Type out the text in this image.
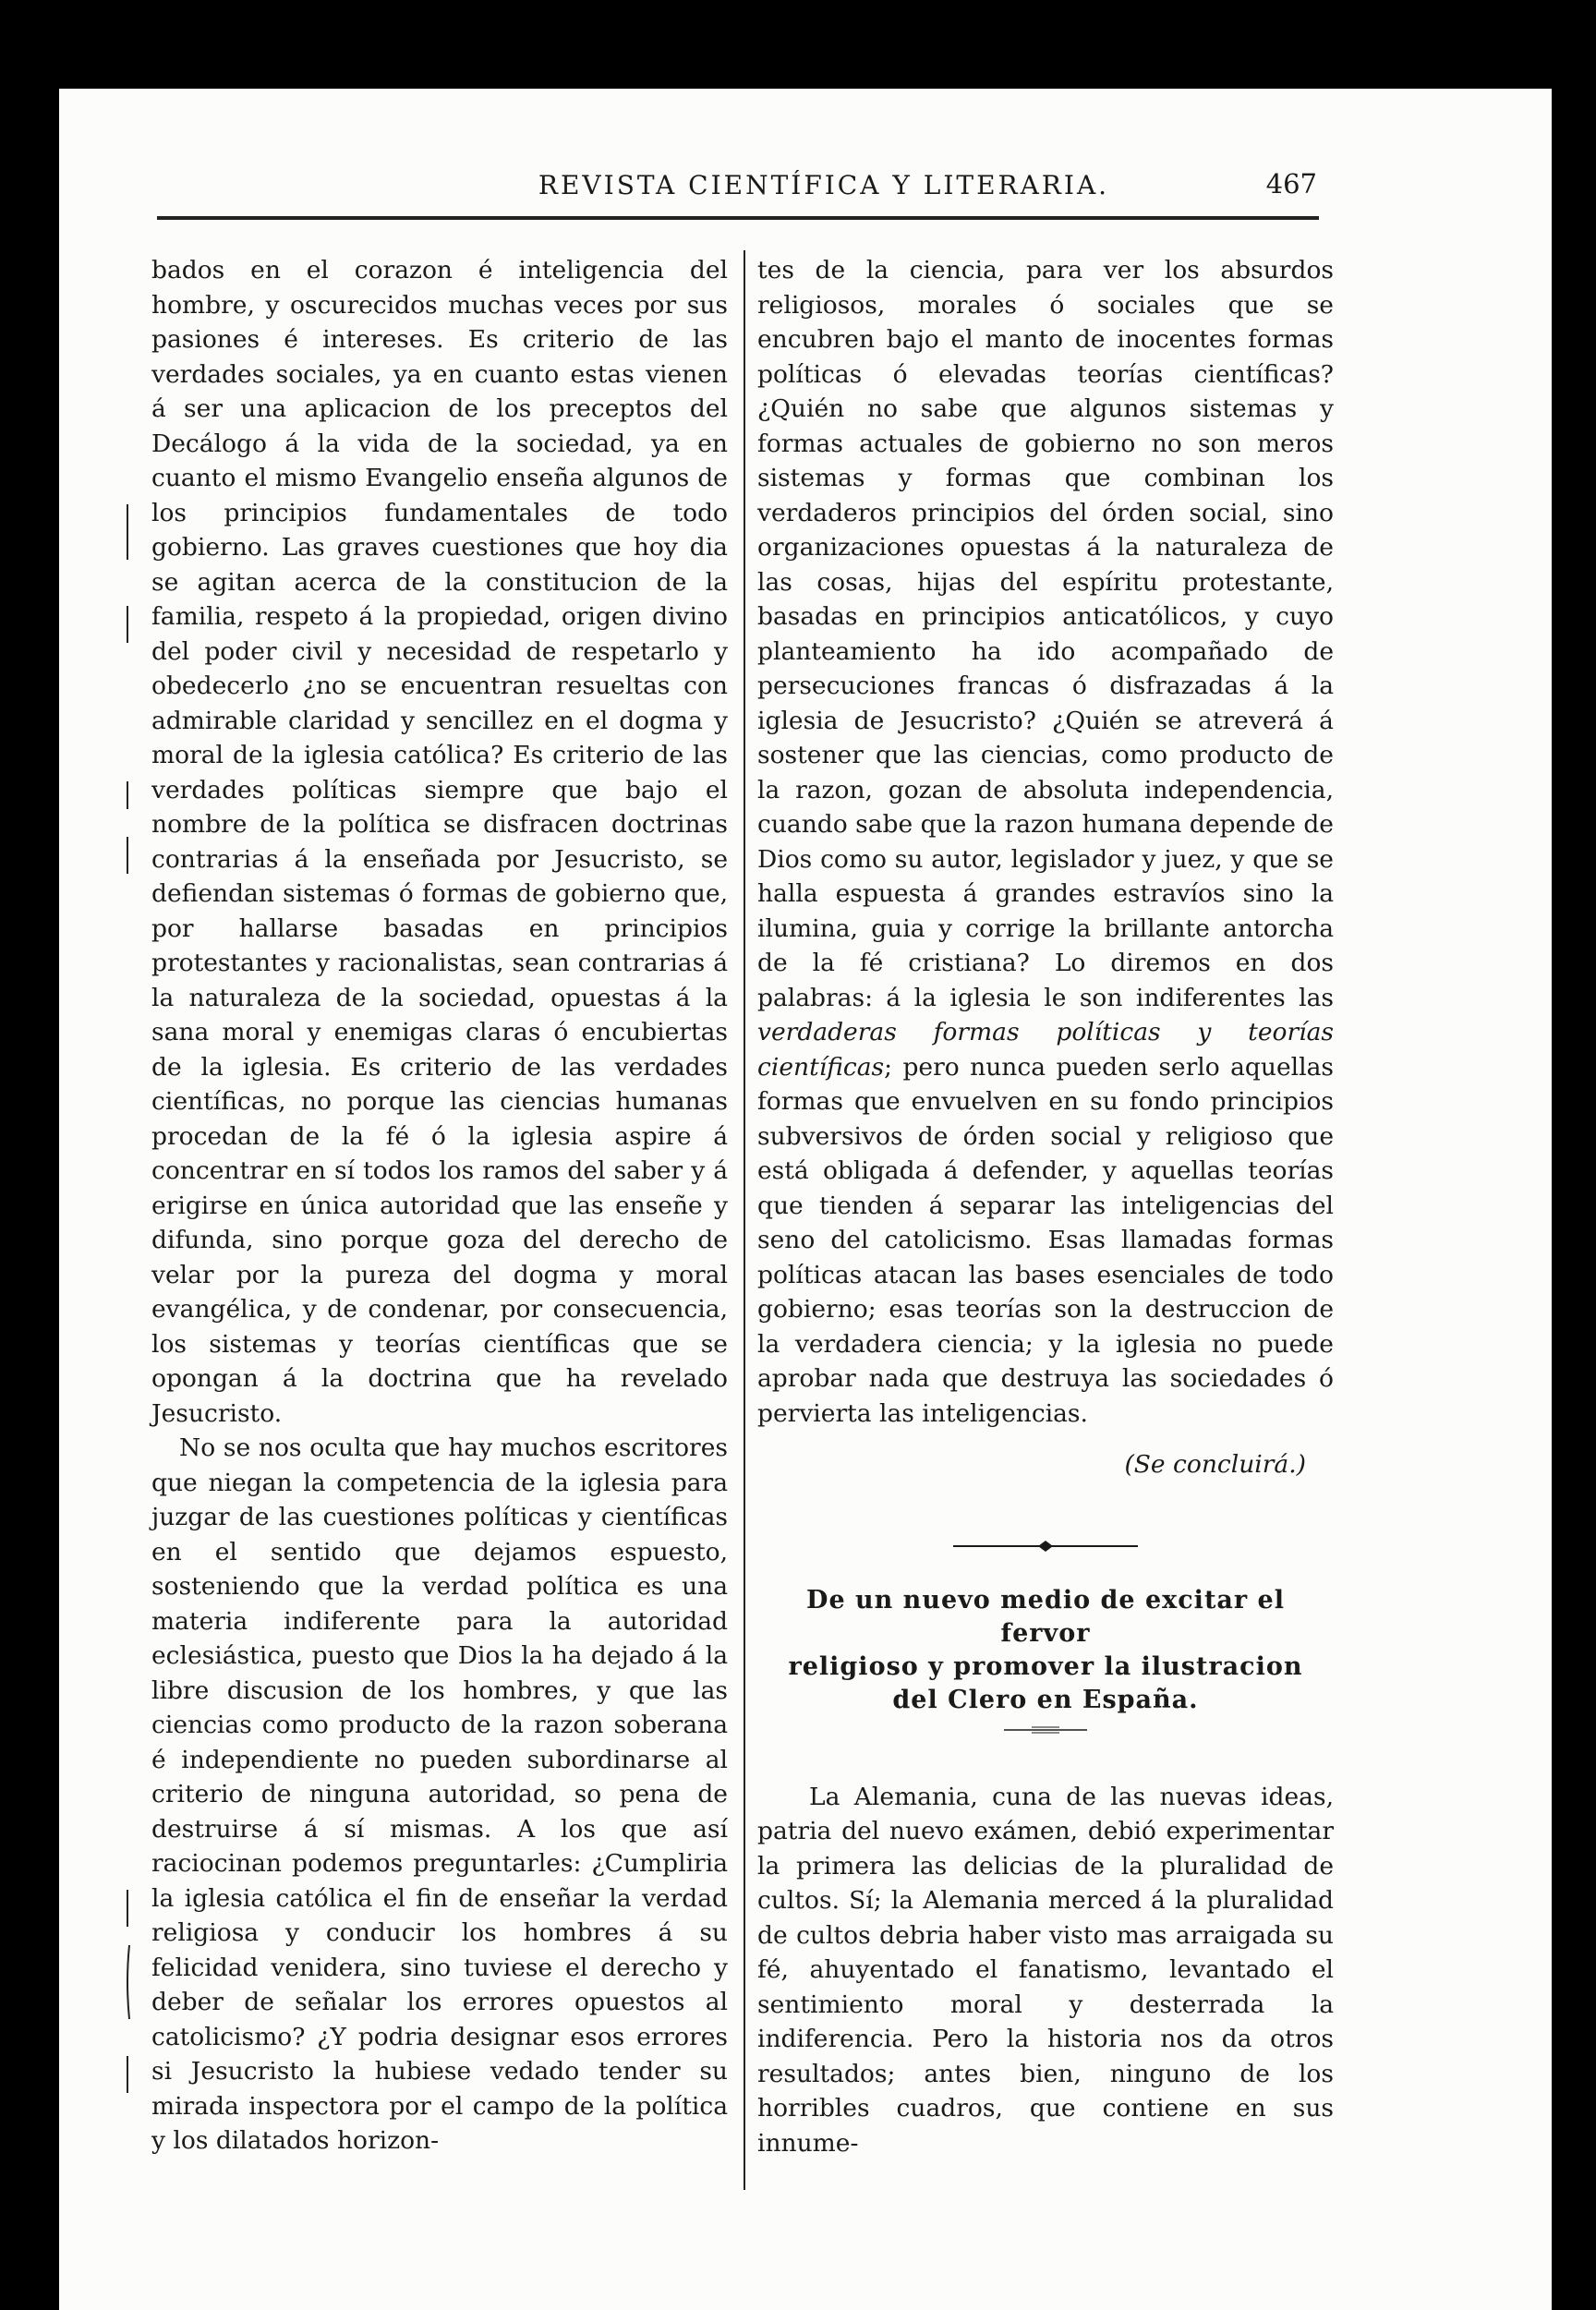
REVISTA CIENTÍFICA Y LITERARIA.	467

bados en el corazon é inteligencia del hombre, y oscurecidos muchas veces por sus pasiones é intereses. Es criterio de las verdades sociales, ya en cuanto estas vienen á ser una aplicacion de los preceptos del Decálogo á la vida de la sociedad, ya en cuanto el mismo Evangelio enseña algunos de los principios fundamentales de todo gobierno. Las graves cuestiones que hoy dia se agitan acerca de la constitucion de la familia, respeto á la propiedad, origen divino del poder civil y necesidad de respetarlo y obedecerlo ¿no se encuentran resueltas con admirable claridad y sencillez en el dogma y moral de la iglesia católica? Es criterio de las verdades políticas siempre que bajo el nombre de la política se disfracen doctrinas contrarias á la enseñada por Jesucristo, se defiendan sistemas ó formas de gobierno que, por hallarse basadas en principios protestantes y racionalistas, sean contrarias á la naturaleza de la sociedad, opuestas á la sana moral y enemigas claras ó encubiertas de la iglesia. Es criterio de las verdades científicas, no porque las ciencias humanas procedan de la fé ó la iglesia aspire á concentrar en sí todos los ramos del saber y á erigirse en única autoridad que las enseñe y difunda, sino porque goza del derecho de velar por la pureza del dogma y moral evangélica, y de condenar, por consecuencia, los sistemas y teorías científicas que se opongan á la doctrina que ha revelado Jesucristo.

No se nos oculta que hay muchos escritores que niegan la competencia de la iglesia para juzgar de las cuestiones políticas y científicas en el sentido que dejamos espuesto, sosteniendo que la verdad política es una materia indiferente para la autoridad eclesiástica, puesto que Dios la ha dejado á la libre discusion de los hombres, y que las ciencias como producto de la razon soberana é independiente no pueden subordinarse al criterio de ninguna autoridad, so pena de destruirse á sí mismas. A los que así raciocinan podemos preguntarles: ¿Cumpliria la iglesia católica el fin de enseñar la verdad religiosa y conducir los hombres á su felicidad venidera, sino tuviese el derecho y deber de señalar los errores opuestos al catolicismo? ¿Y podria designar esos errores si Jesucristo la hubiese vedado tender su mirada inspectora por el campo de la política y los dilatados horizon-

tes de la ciencia, para ver los absurdos religiosos, morales ó sociales que se encubren bajo el manto de inocentes formas políticas ó elevadas teorías científicas? ¿Quién no sabe que algunos sistemas y formas actuales de gobierno no son meros sistemas y formas que combinan los verdaderos principios del órden social, sino organizaciones opuestas á la naturaleza de las cosas, hijas del espíritu protestante, basadas en principios anticatólicos, y cuyo planteamiento ha ido acompañado de persecuciones francas ó disfrazadas á la iglesia de Jesucristo? ¿Quién se atreverá á sostener que las ciencias, como producto de la razon, gozan de absoluta independencia, cuando sabe que la razon humana depende de Dios como su autor, legislador y juez, y que se halla espuesta á grandes estravíos sino la ilumina, guia y corrige la brillante antorcha de la fé cristiana? Lo diremos en dos palabras: á la iglesia le son indiferentes las verdaderas formas políticas y teorías científicas; pero nunca pueden serlo aquellas formas que envuelven en su fondo principios subversivos de órden social y religioso que está obligada á defender, y aquellas teorías que tienden á separar las inteligencias del seno del catolicismo. Esas llamadas formas políticas atacan las bases esenciales de todo gobierno; esas teorías son la destruccion de la verdadera ciencia; y la iglesia no puede aprobar nada que destruya las sociedades ó pervierta las inteligencias.

(Se concluirá.)
De un nuevo medio de excitar el fervor
religioso y promover la ilustracion
del Clero en España.

La Alemania, cuna de las nuevas ideas, patria del nuevo exámen, debió experimentar la primera las delicias de la pluralidad de cultos. Sí; la Alemania merced á la pluralidad de cultos debria haber visto mas arraigada su fé, ahuyentado el fanatismo, levantado el sentimiento moral y desterrada la indiferencia. Pero la historia nos da otros resultados; antes bien, ninguno de los horribles cuadros, que contiene en sus innume-
